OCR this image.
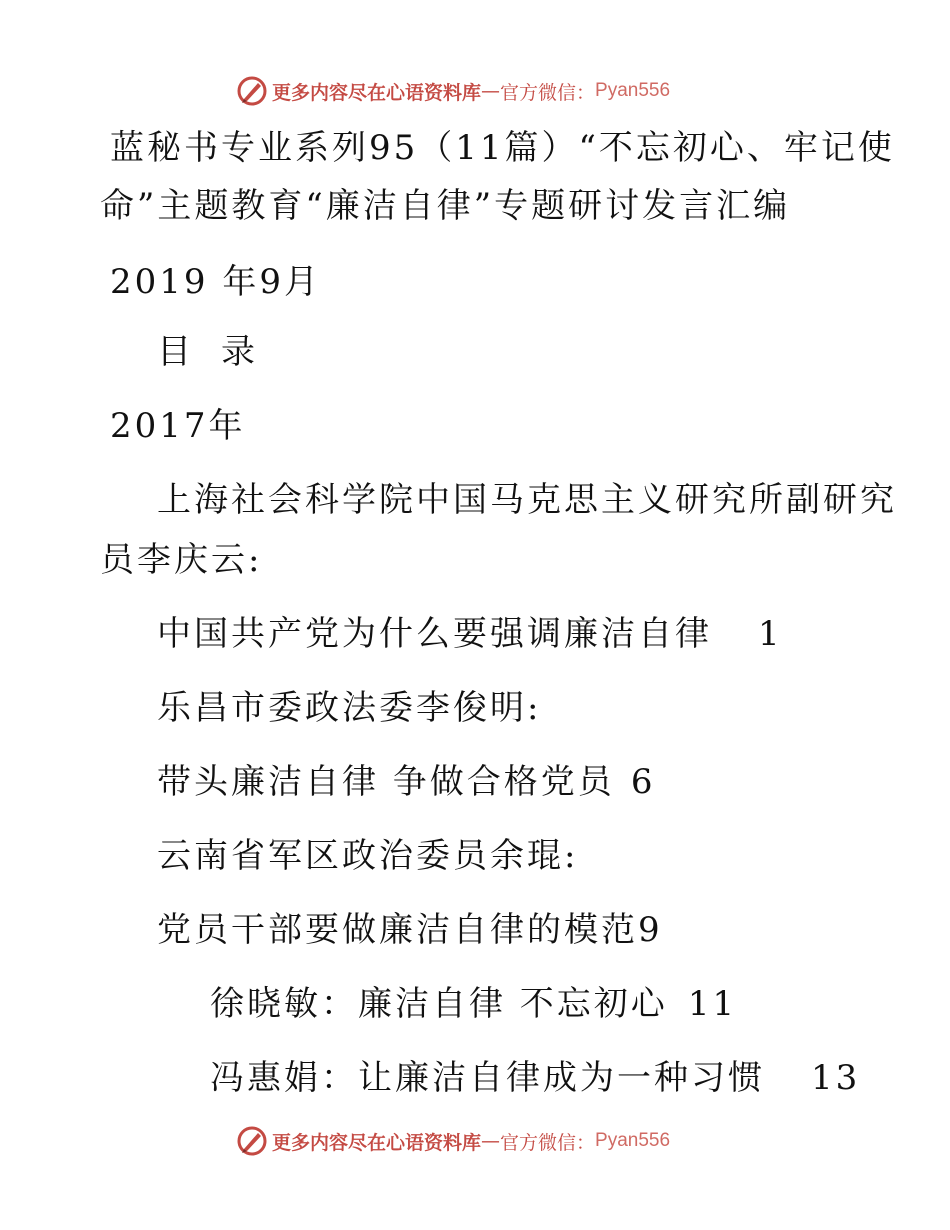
更多内容尽在心语资料库 — 官方微信： Pyan556
蓝秘书专业系列95（11篇）“不忘初心、牢记使
命”主题教育“廉洁自律”专题研讨发言汇编
2019 年9月
目 录
2017年
上海社会科学院中国马克思主义研究所副研究
员李庆云:
中国共产党为什么要强调廉洁自律 1
乐昌市委政法委李俊明:
带头廉洁自律 争做合格党员 6
云南省军区政治委员余琨:
党员干部要做廉洁自律的模范9
徐晓敏：廉洁自律 不忘初心 11
冯惠娟：让廉洁自律成为一种习惯 13
更多内容尽在心语资料库 — 官方微信： Pyan556
